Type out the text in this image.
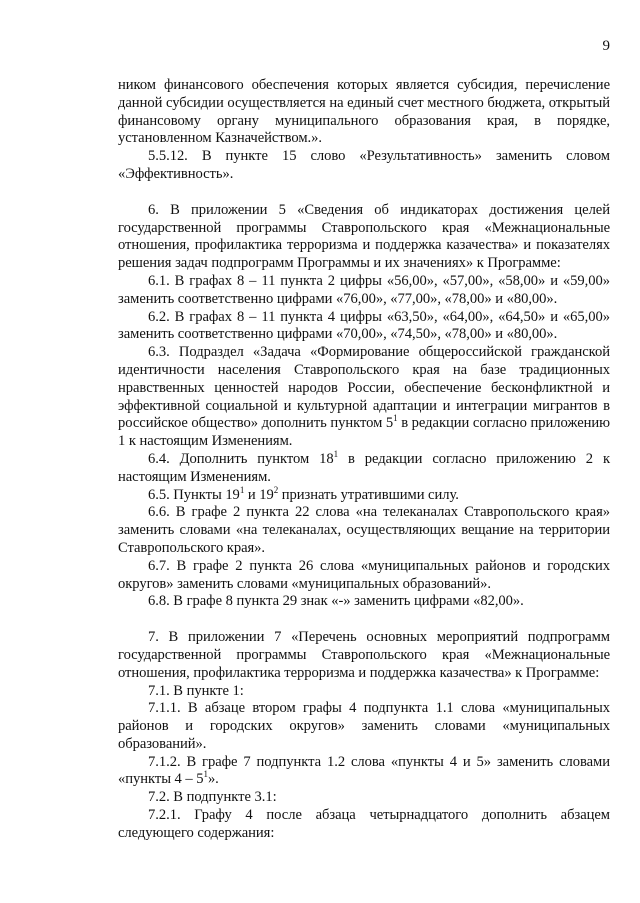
9

ником финансового обеспечения которых является субсидия, перечисление данной субсидии осуществляется на единый счет местного бюджета, открытый финансовому органу муниципального образования края, в порядке, установленном Казначейством.».

5.5.12. В пункте 15 слово «Результативность» заменить словом «Эффективность».

6. В приложении 5 «Сведения об индикаторах достижения целей государственной программы Ставропольского края «Межнациональные отношения, профилактика терроризма и поддержка казачества» и показателях решения задач подпрограмм Программы и их значениях» к Программе:

6.1. В графах 8 – 11 пункта 2 цифры «56,00», «57,00», «58,00» и «59,00» заменить соответственно цифрами «76,00», «77,00», «78,00» и «80,00».

6.2. В графах 8 – 11 пункта 4 цифры «63,50», «64,00», «64,50» и «65,00» заменить соответственно цифрами «70,00», «74,50», «78,00» и «80,00».

6.3. Подраздел «Задача «Формирование общероссийской гражданской идентичности населения Ставропольского края на базе традиционных нравственных ценностей народов России, обеспечение бесконфликтной и эффективной социальной и культурной адаптации и интеграции мигрантов в российское общество» дополнить пунктом $5^1$ в редакции согласно приложению 1 к настоящим Изменениям.

6.4. Дополнить пунктом $18^1$ в редакции согласно приложению 2 к настоящим Изменениям.

6.5. Пункты $19^1$ и $19^2$ признать утратившими силу.

6.6. В графе 2 пункта 22 слова «на телеканалах Ставропольского края» заменить словами «на телеканалах, осуществляющих вещание на территории Ставропольского края».

6.7. В графе 2 пункта 26 слова «муниципальных районов и городских округов» заменить словами «муниципальных образований».

6.8. В графе 8 пункта 29 знак «-» заменить цифрами «82,00».

7. В приложении 7 «Перечень основных мероприятий подпрограмм государственной программы Ставропольского края «Межнациональные отношения, профилактика терроризма и поддержка казачества» к Программе:

7.1. В пункте 1:

7.1.1. В абзаце втором графы 4 подпункта 1.1 слова «муниципальных районов и городских округов» заменить словами «муниципальных образований».

7.1.2. В графе 7 подпункта 1.2 слова «пункты 4 и 5» заменить словами «пункты $4 - 5^1$».

7.2. В подпункте 3.1:

7.2.1. Графу 4 после абзаца четырнадцатого дополнить абзацем следующего содержания:
